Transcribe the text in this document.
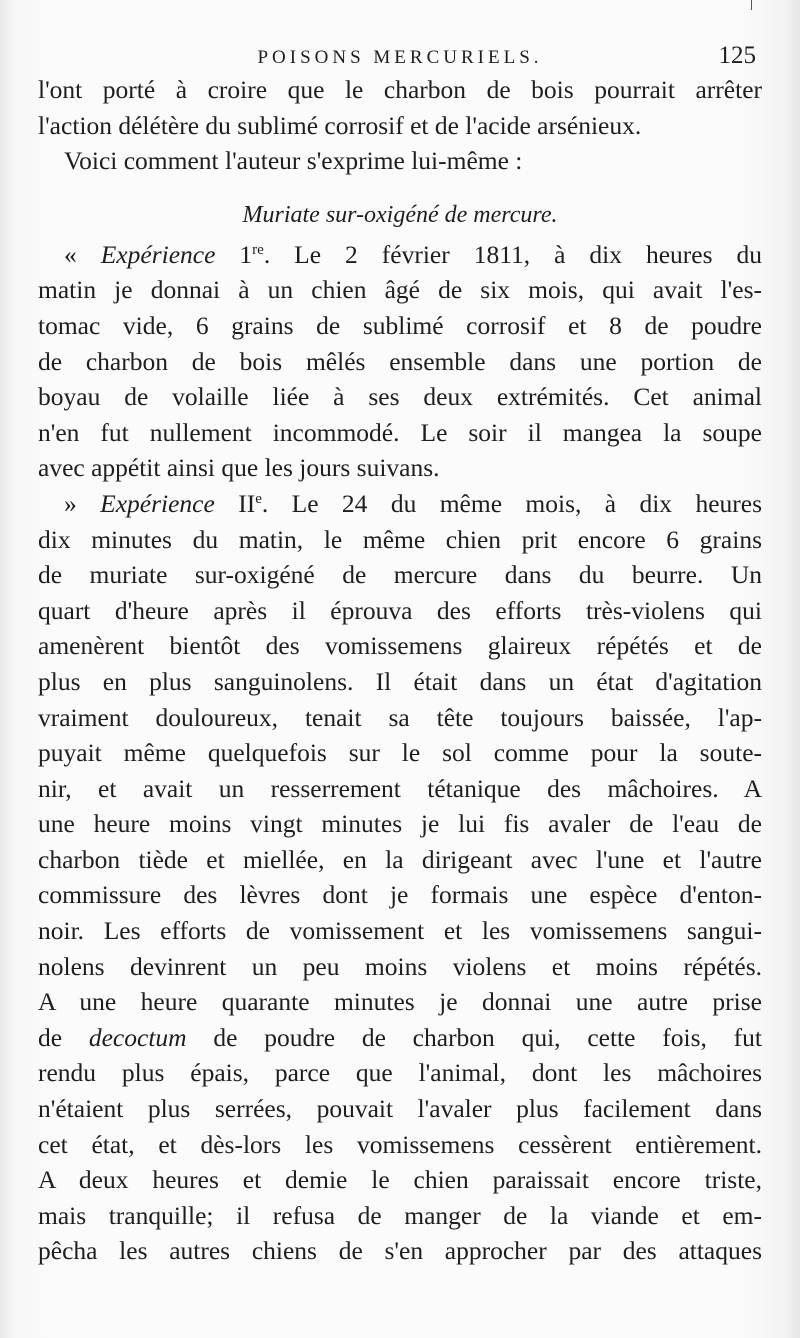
POISONS MERCURIELS.	125
l'ont porté à croire que le charbon de bois pourrait arrêter
l'action délétère du sublimé corrosif et de l'acide arsénieux.
Voici comment l'auteur s'exprime lui-même :
Muriate sur-oxigéné de mercure.
« Expérience 1re. Le 2 février 1811, à dix heures du
matin je donnai à un chien âgé de six mois, qui avait l'es-
tomac vide, 6 grains de sublimé corrosif et 8 de poudre
de charbon de bois mêlés ensemble dans une portion de
boyau de volaille liée à ses deux extrémités. Cet animal
n'en fut nullement incommodé. Le soir il mangea la soupe
avec appétit ainsi que les jours suivans.
» Expérience IIe. Le 24 du même mois, à dix heures
dix minutes du matin, le même chien prit encore 6 grains
de muriate sur-oxigéné de mercure dans du beurre. Un
quart d'heure après il éprouva des efforts très-violens qui
amenèrent bientôt des vomissemens glaireux répétés et de
plus en plus sanguinolens. Il était dans un état d'agitation
vraiment douloureux, tenait sa tête toujours baissée, l'ap-
puyait même quelquefois sur le sol comme pour la soute-
nir, et avait un resserrement tétanique des mâchoires. A
une heure moins vingt minutes je lui fis avaler de l'eau de
charbon tiède et miellée, en la dirigeant avec l'une et l'autre
commissure des lèvres dont je formais une espèce d'enton-
noir. Les efforts de vomissement et les vomissemens sangui-
nolens devinrent un peu moins violens et moins répétés.
A une heure quarante minutes je donnai une autre prise
de decoctum de poudre de charbon qui, cette fois, fut
rendu plus épais, parce que l'animal, dont les mâchoires
n'étaient plus serrées, pouvait l'avaler plus facilement dans
cet état, et dès-lors les vomissemens cessèrent entièrement.
A deux heures et demie le chien paraissait encore triste,
mais tranquille; il refusa de manger de la viande et em-
pêcha les autres chiens de s'en approcher par des attaques
